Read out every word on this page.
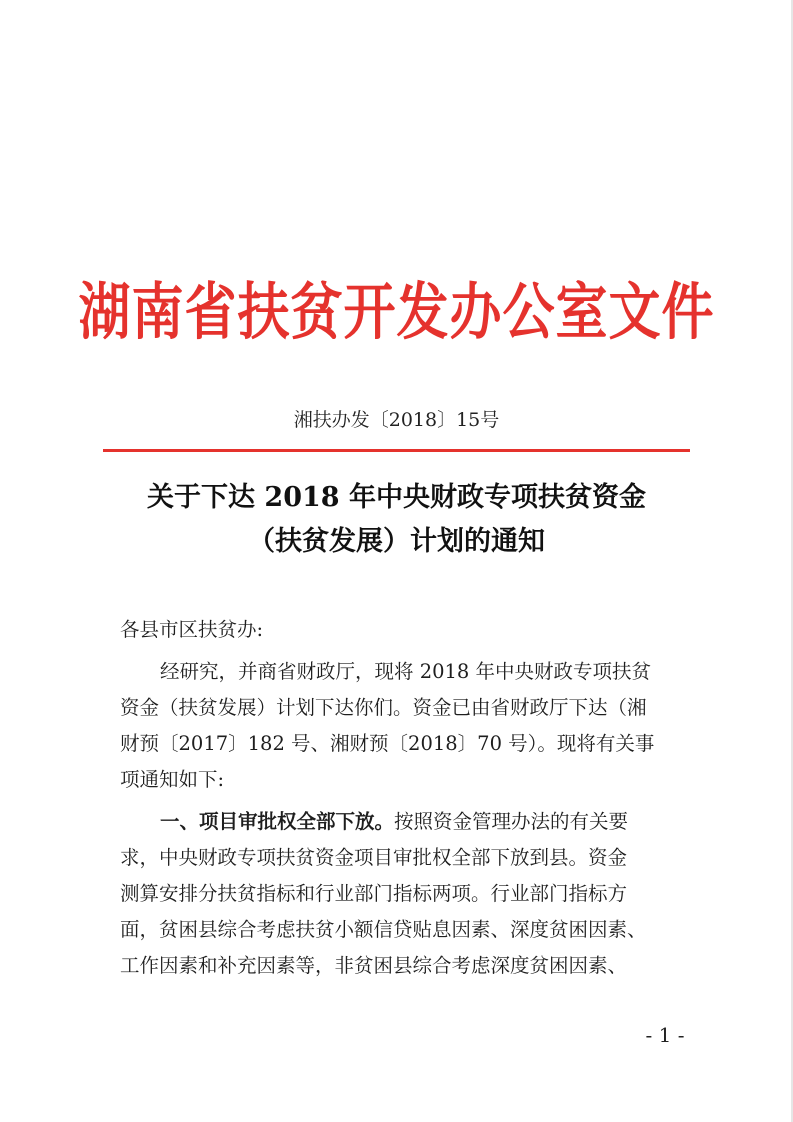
湖南省扶贫开发办公室文件
湘扶办发〔2018〕15号
关于下达 2018 年中央财政专项扶贫资金
（扶贫发展）计划的通知
各县市区扶贫办:
经研究，并商省财政厅，现将 2018 年中央财政专项扶贫
资金（扶贫发展）计划下达你们。资金已由省财政厅下达（湘
财预〔2017〕182 号、湘财预〔2018〕70 号）。现将有关事
项通知如下:
一、项目审批权全部下放。按照资金管理办法的有关要
求，中央财政专项扶贫资金项目审批权全部下放到县。资金
测算安排分扶贫指标和行业部门指标两项。行业部门指标方
面，贫困县综合考虑扶贫小额信贷贴息因素、深度贫困因素、
工作因素和补充因素等，非贫困县综合考虑深度贫困因素、
- 1 -
